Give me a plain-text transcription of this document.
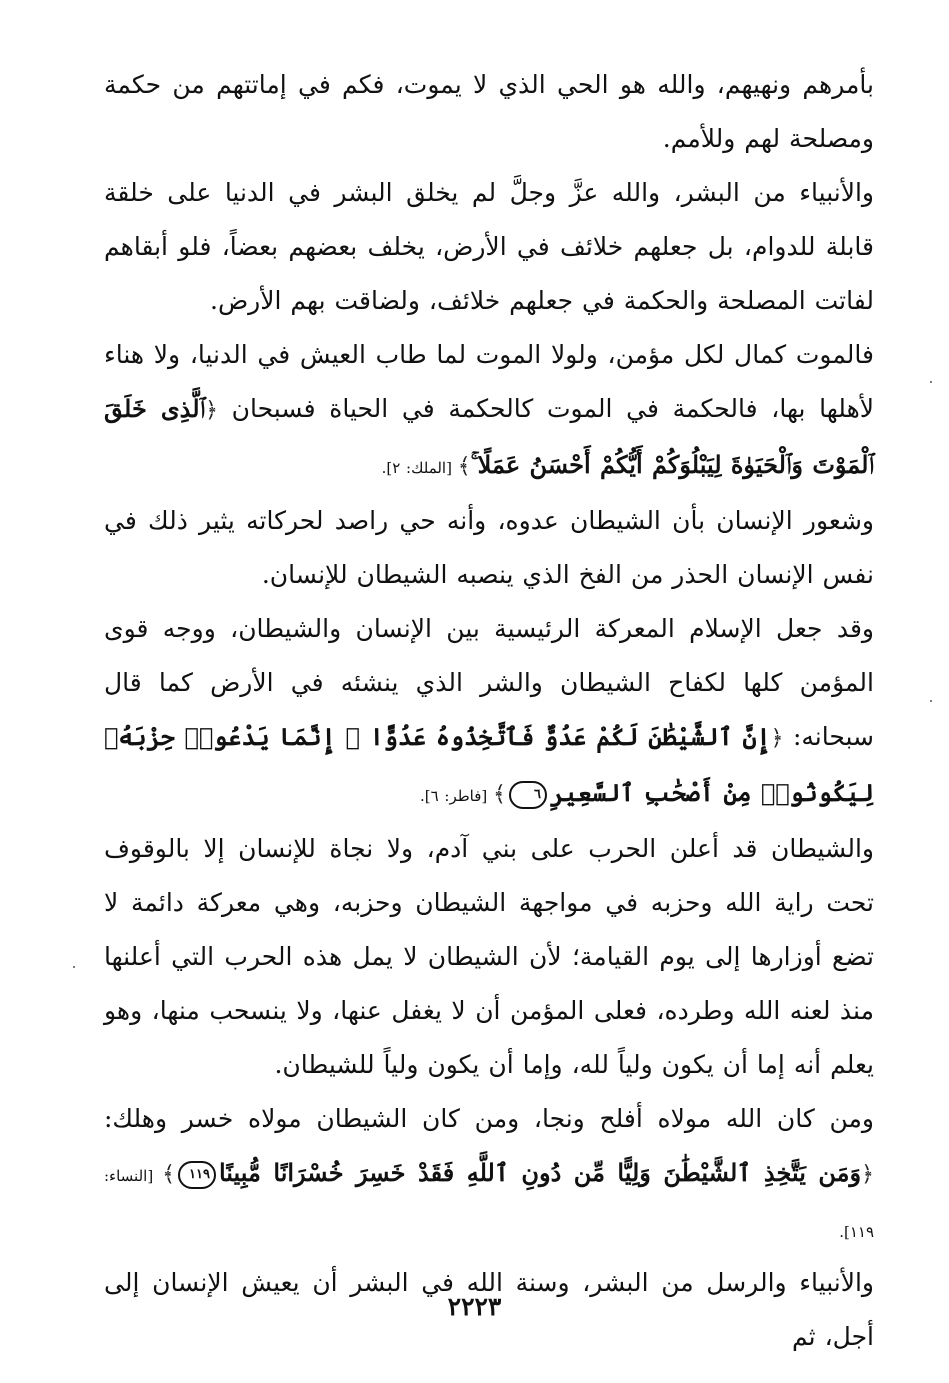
بأمرهم ونهيهم، والله هو الحي الذي لا يموت، فكم في إماتتهم من حكمة ومصلحة لهم وللأمم.

والأنبياء من البشر، والله عزَّ وجلَّ لم يخلق البشر في الدنيا على خلقة قابلة للدوام، بل جعلهم خلائف في الأرض، يخلف بعضهم بعضاً، فلو أبقاهم لفاتت المصلحة والحكمة في جعلهم خلائف، ولضاقت بهم الأرض.

فالموت كمال لكل مؤمن، ولولا الموت لما طاب العيش في الدنيا، ولا هناء لأهلها بها، فالحكمة في الموت كالحكمة في الحياة فسبحان ﴿ٱلَّذِى خَلَقَ ٱلْمَوْتَ وَٱلْحَيَوٰةَ لِيَبْلُوَكُمْ أَيُّكُمْ أَحْسَنُ عَمَلًا ۚ﴾ [الملك: ٢].

وشعور الإنسان بأن الشيطان عدوه، وأنه حي راصد لحركاته يثير ذلك في نفس الإنسان الحذر من الفخ الذي ينصبه الشيطان للإنسان.

وقد جعل الإسلام المعركة الرئيسية بين الإنسان والشيطان، ووجه قوى المؤمن كلها لكفاح الشيطان والشر الذي ينشئه في الأرض كما قال سبحانه: ﴿إِنَّ ٱلشَّيْطَٰنَ لَكُمْ عَدُوٌّ فَٱتَّخِذُوهُ عَدُوًّا ۚ إِنَّمَا يَدْعُوا۟ حِزْبَهُۥ لِيَكُونُوا۟ مِنْ أَصْحَٰبِ ٱلسَّعِيرِ٦﴾ [فاطر: ٦].

والشيطان قد أعلن الحرب على بني آدم، ولا نجاة للإنسان إلا بالوقوف تحت راية الله وحزبه في مواجهة الشيطان وحزبه، وهي معركة دائمة لا تضع أوزارها إلى يوم القيامة؛ لأن الشيطان لا يمل هذه الحرب التي أعلنها منذ لعنه الله وطرده، فعلى المؤمن أن لا يغفل عنها، ولا ينسحب منها، وهو يعلم أنه إما أن يكون ولياً لله، وإما أن يكون ولياً للشيطان.

ومن كان الله مولاه أفلح ونجا، ومن كان الشيطان مولاه خسر وهلك: ﴿وَمَن يَتَّخِذِ ٱلشَّيْطَٰنَ وَلِيًّا مِّن دُونِ ٱللَّهِ فَقَدْ خَسِرَ خُسْرَانًا مُّبِينًا١١٩﴾ [النساء: ١١٩].

والأنبياء والرسل من البشر، وسنة الله في البشر أن يعيش الإنسان إلى أجل، ثم

٢٢٢٣
